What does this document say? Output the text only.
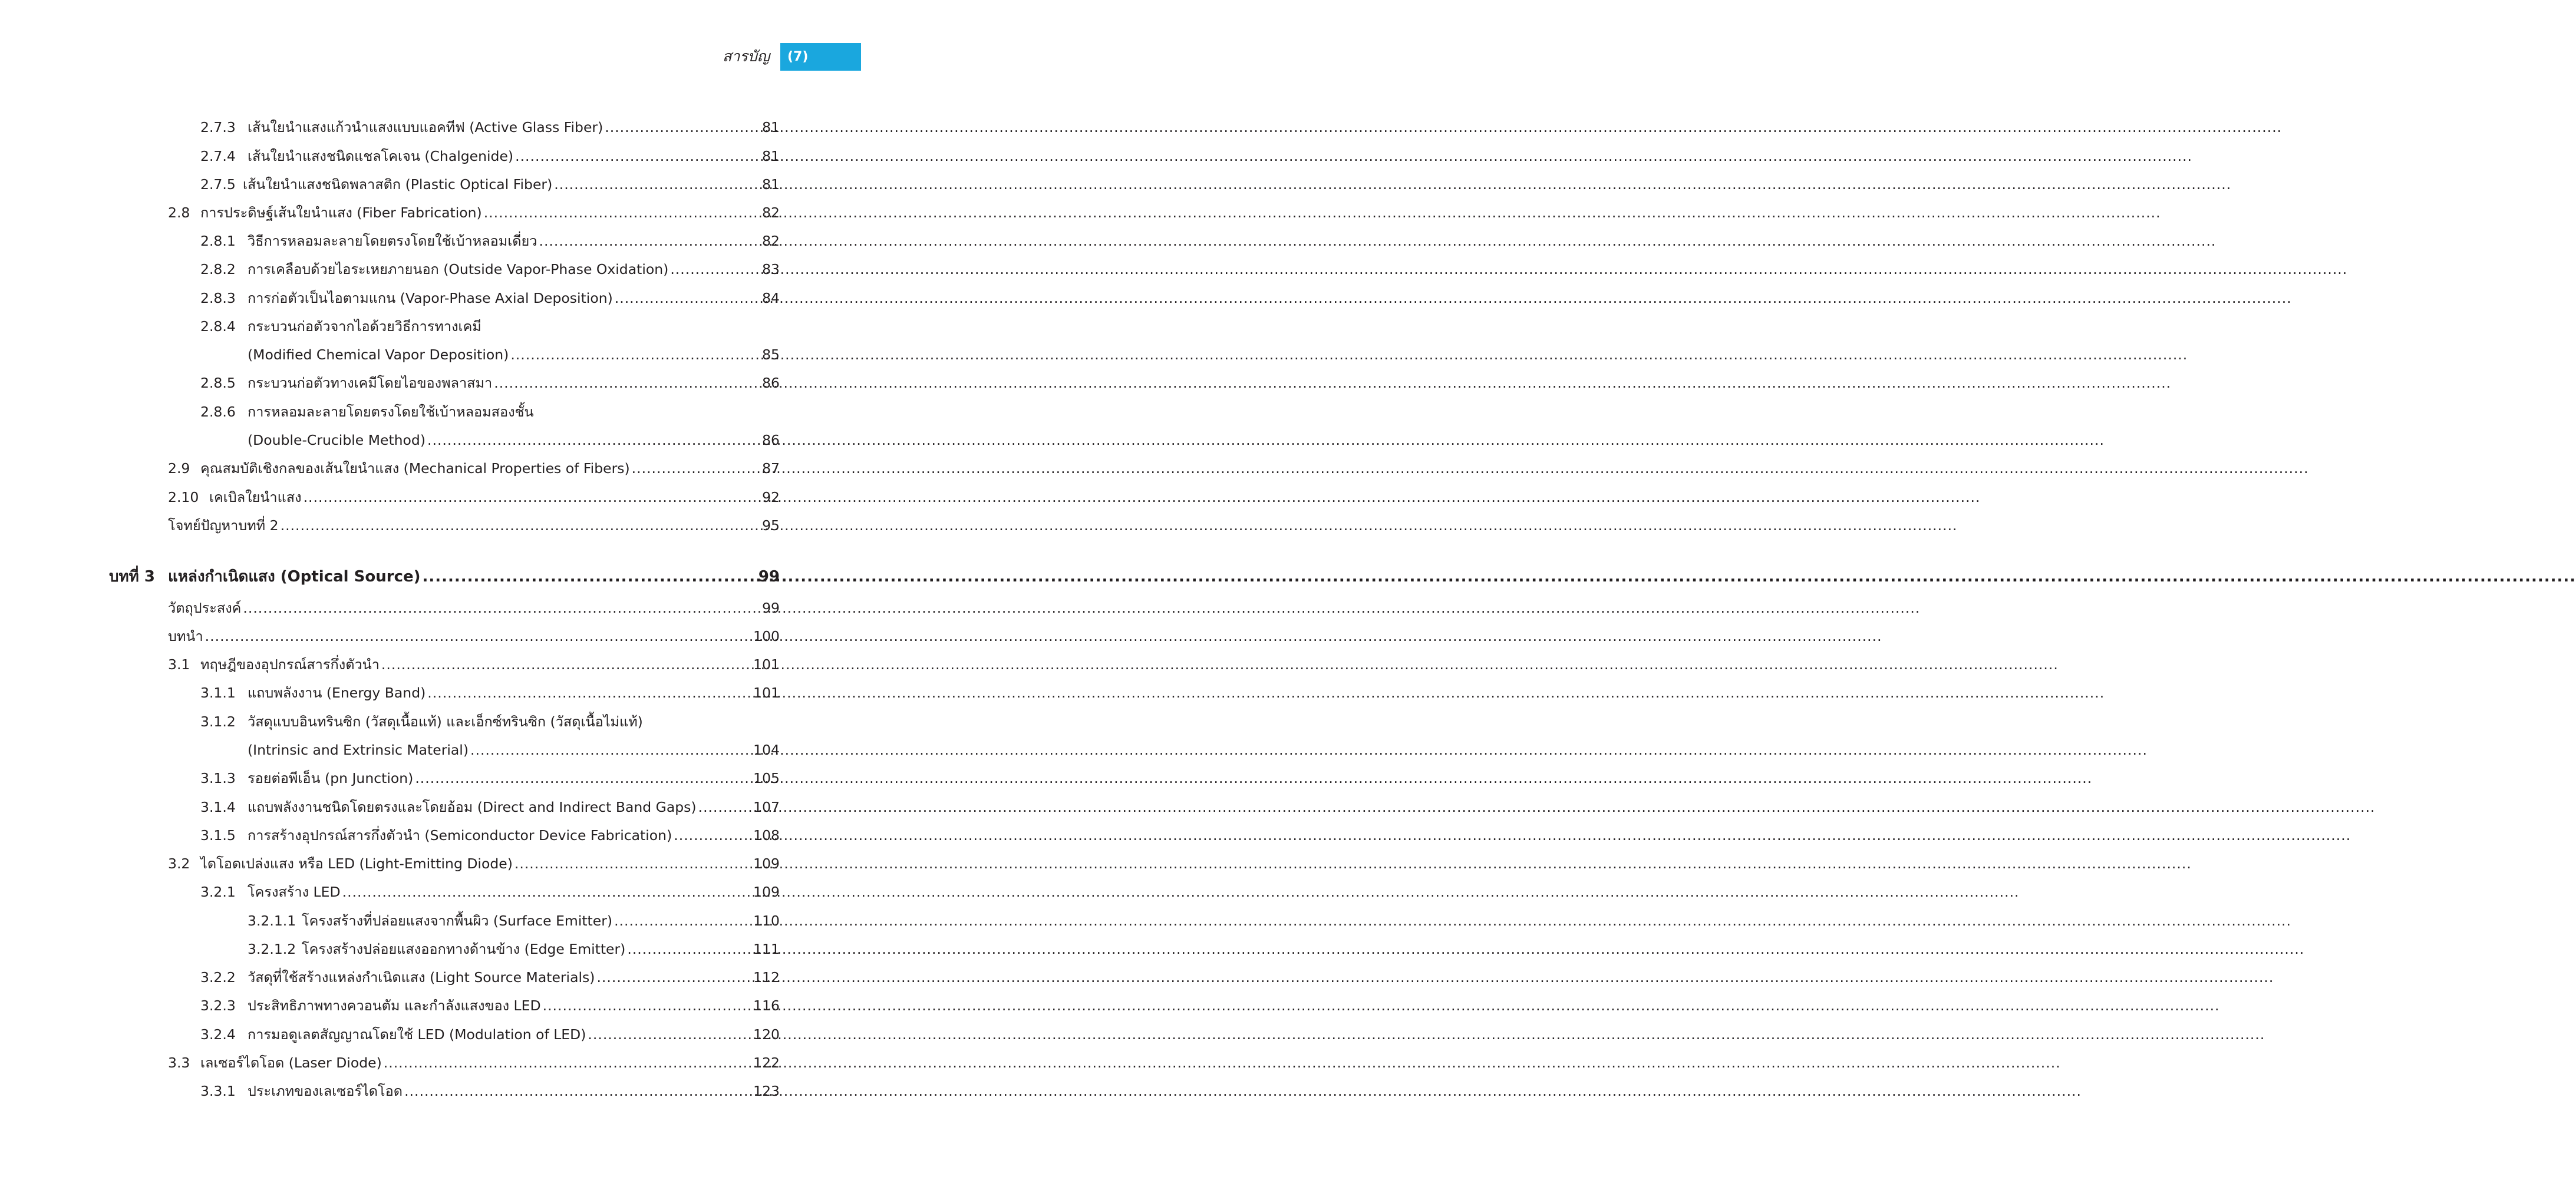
สารบัญ	(7)
2.7.3 เส้นใยนำแสงแก้วนำแสงแบบแอคทีฟ (Active Glass Fiber) .....	81
2.7.4 เส้นใยนำแสงชนิดแชลโคเจน (Chalgenide) .....	81
2.7.5 เส้นใยนำแสงชนิดพลาสติก (Plastic Optical Fiber) .....	81
2.8 การประดิษฐ์เส้นใยนำแสง (Fiber Fabrication) .....	82
2.8.1 วิธีการหลอมละลายโดยตรงโดยใช้เบ้าหลอมเดี่ยว .....	82
2.8.2 การเคลือบด้วยไอระเหยภายนอก (Outside Vapor-Phase Oxidation) .....	83
2.8.3 การก่อตัวเป็นไอตามแกน (Vapor-Phase Axial Deposition) .....	84
2.8.4 กระบวนก่อตัวจากไอด้วยวิธีการทางเคมี
(Modified Chemical Vapor Deposition) .....	85
2.8.5 กระบวนก่อตัวทางเคมีโดยไอของพลาสมา .....	86
2.8.6 การหลอมละลายโดยตรงโดยใช้เบ้าหลอมสองชั้น
(Double-Crucible Method) .....	86
2.9 คุณสมบัติเชิงกลของเส้นใยนำแสง (Mechanical Properties of Fibers) .....	87
2.10 เคเบิลใยนำแสง .....	92
โจทย์ปัญหาบทที่ 2 .....	95
บทที่ 3 แหล่งกำเนิดแสง (Optical Source) .....	99
วัตถุประสงค์ .....	99
บทนำ .....	100
3.1 ทฤษฎีของอุปกรณ์สารกึ่งตัวนำ .....	101
3.1.1 แถบพลังงาน (Energy Band) .....	101
3.1.2 วัสดุแบบอินทรินซิก (วัสดุเนื้อแท้) และเอ็กซ์ทรินซิก (วัสดุเนื้อไม่แท้)
(Intrinsic and Extrinsic Material) .....	104
3.1.3 รอยต่อพีเอ็น (pn Junction) .....	105
3.1.4 แถบพลังงานชนิดโดยตรงและโดยอ้อม (Direct and Indirect Band Gaps) .....	107
3.1.5 การสร้างอุปกรณ์สารกึ่งตัวนำ (Semiconductor Device Fabrication) .....	108
3.2 ไดโอดเปล่งแสง หรือ LED (Light-Emitting Diode) .....	109
3.2.1 โครงสร้าง LED .....	109
3.2.1.1 โครงสร้างที่ปล่อยแสงจากพื้นผิว (Surface Emitter) .....	110
3.2.1.2 โครงสร้างปล่อยแสงออกทางด้านข้าง (Edge Emitter) .....	111
3.2.2 วัสดุที่ใช้สร้างแหล่งกำเนิดแสง (Light Source Materials) .....	112
3.2.3 ประสิทธิภาพทางควอนตัม และกำลังแสงของ LED .....	116
3.2.4 การมอดูเลตสัญญาณโดยใช้ LED (Modulation of LED) .....	120
3.3 เลเซอร์ไดโอด (Laser Diode) .....	122
3.3.1 ประเภทของเลเซอร์ไดโอด .....	123
